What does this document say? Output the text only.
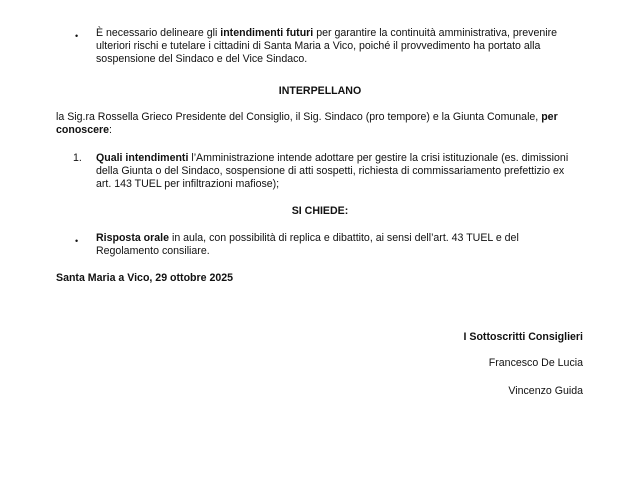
• È necessario delineare gli intendimenti futuri per garantire la continuità amministrativa, prevenire
ulteriori rischi e tutelare i cittadini di Santa Maria a Vico, poiché il provvedimento ha portato alla
sospensione del Sindaco e del Vice Sindaco.
INTERPELLANO
la Sig.ra Rossella Grieco Presidente del Consiglio, il Sig. Sindaco (pro tempore) e la Giunta Comunale, per
conoscere:
1. Quali intendimenti l’Amministrazione intende adottare per gestire la crisi istituzionale (es. dimissioni
della Giunta o del Sindaco, sospensione di atti sospetti, richiesta di commissariamento prefettizio ex
art. 143 TUEL per infiltrazioni mafiose);
SI CHIEDE:
• Risposta orale in aula, con possibilità di replica e dibattito, ai sensi dell’art. 43 TUEL e del
Regolamento consiliare.
Santa Maria a Vico, 29 ottobre 2025
I Sottoscritti Consiglieri
Francesco De Lucia
Vincenzo Guida
